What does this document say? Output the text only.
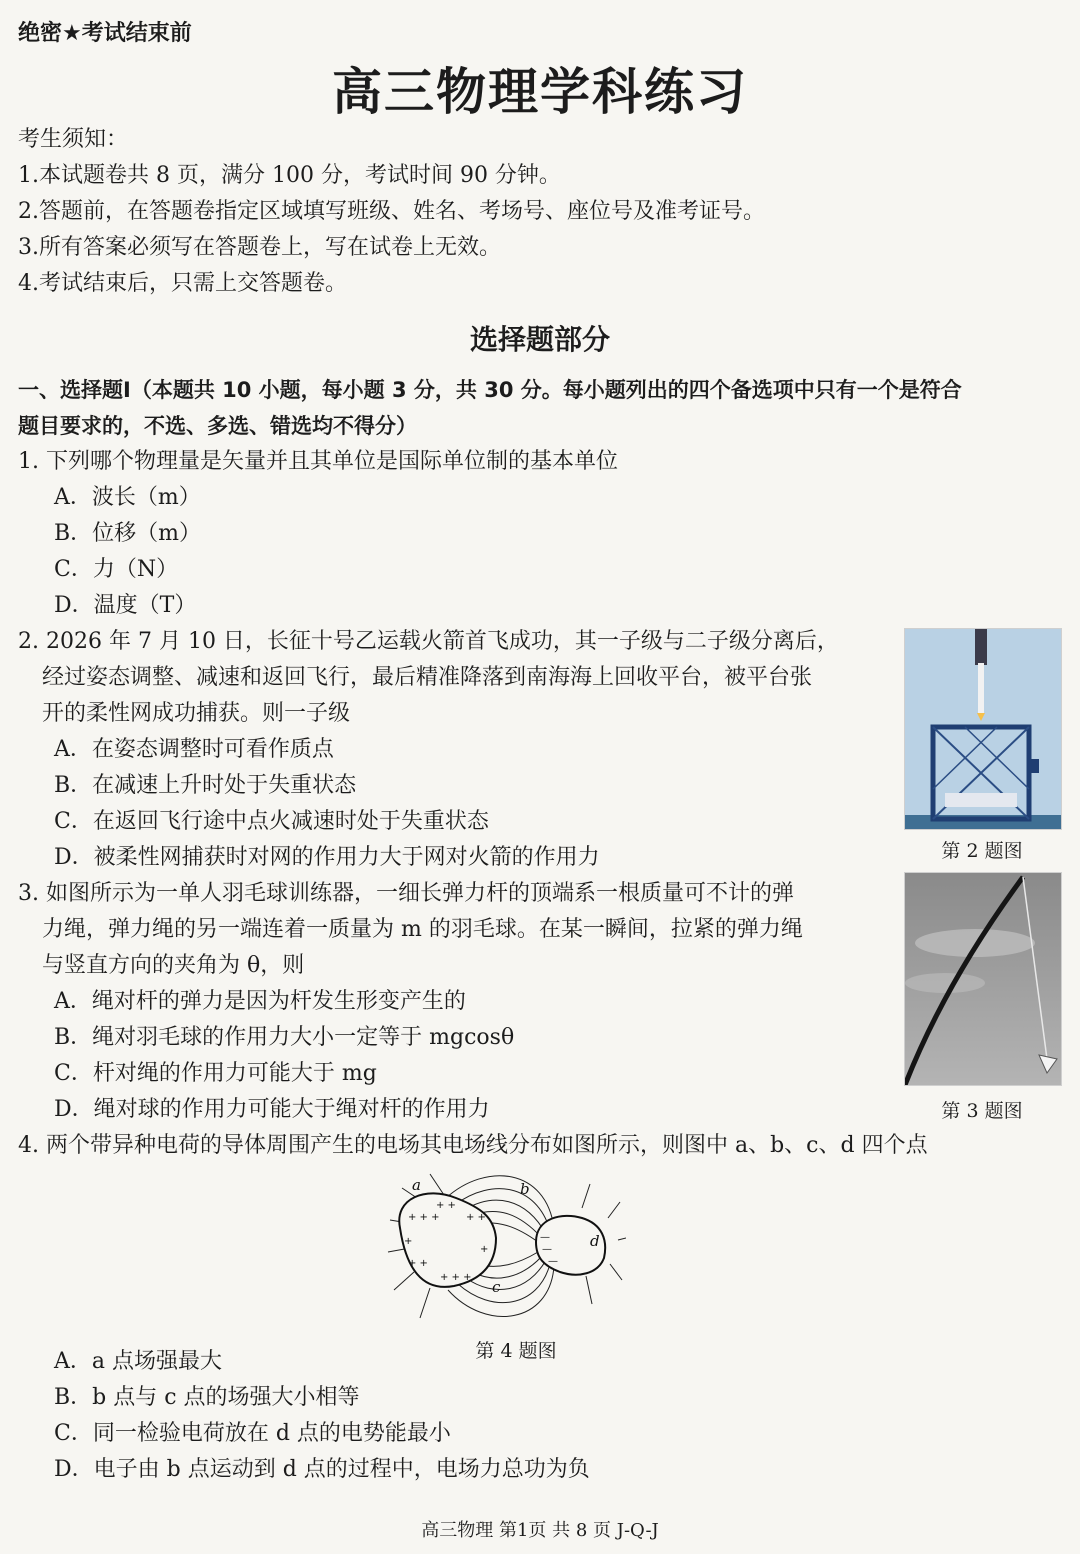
绝密★考试结束前
高三物理学科练习
考生须知：
1.本试题卷共 8 页，满分 100 分，考试时间 90 分钟。
2.答题前，在答题卷指定区域填写班级、姓名、考场号、座位号及准考证号。
3.所有答案必须写在答题卷上，写在试卷上无效。
4.考试结束后，只需上交答题卷。
选择题部分
一、选择题I（本题共 10 小题，每小题 3 分，共 30 分。每小题列出的四个备选项中只有一个是符合
题目要求的，不选、多选、错选均不得分）
1. 下列哪个物理量是矢量并且其单位是国际单位制的基本单位
A．波长（m）
B．位移（m）
C．力（N）
D．温度（T）
2. 2026 年 7 月 10 日，长征十号乙运载火箭首飞成功，其一子级与二子级分离后，
经过姿态调整、减速和返回飞行，最后精准降落到南海海上回收平台，被平台张
开的柔性网成功捕获。则一子级
A．在姿态调整时可看作质点
B．在减速上升时处于失重状态
C．在返回飞行途中点火减速时处于失重状态
D．被柔性网捕获时对网的作用力大于网对火箭的作用力	第 2 题图
3. 如图所示为一单人羽毛球训练器，一细长弹力杆的顶端系一根质量可不计的弹
力绳，弹力绳的另一端连着一质量为 m 的羽毛球。在某一瞬间，拉紧的弹力绳
与竖直方向的夹角为 θ，则
A．绳对杆的弹力是因为杆发生形变产生的
B．绳对羽毛球的作用力大小一定等于 mgcosθ
C．杆对绳的作用力可能大于 mg
D．绳对球的作用力可能大于绳对杆的作用力	第 3 题图
4. 两个带异种电荷的导体周围产生的电场其电场线分布如图所示，则图中 a、b、c、d 四个点
+ + +
+ +
+ +
+
+ +
+ + +
+
—
—
—
a	b
c
d
第 4 题图
A．a 点场强最大
B．b 点与 c 点的场强大小相等
C．同一检验电荷放在 d 点的电势能最小
D．电子由 b 点运动到 d 点的过程中，电场力总功为负
高三物理 第1页 共 8 页 J-Q-J
